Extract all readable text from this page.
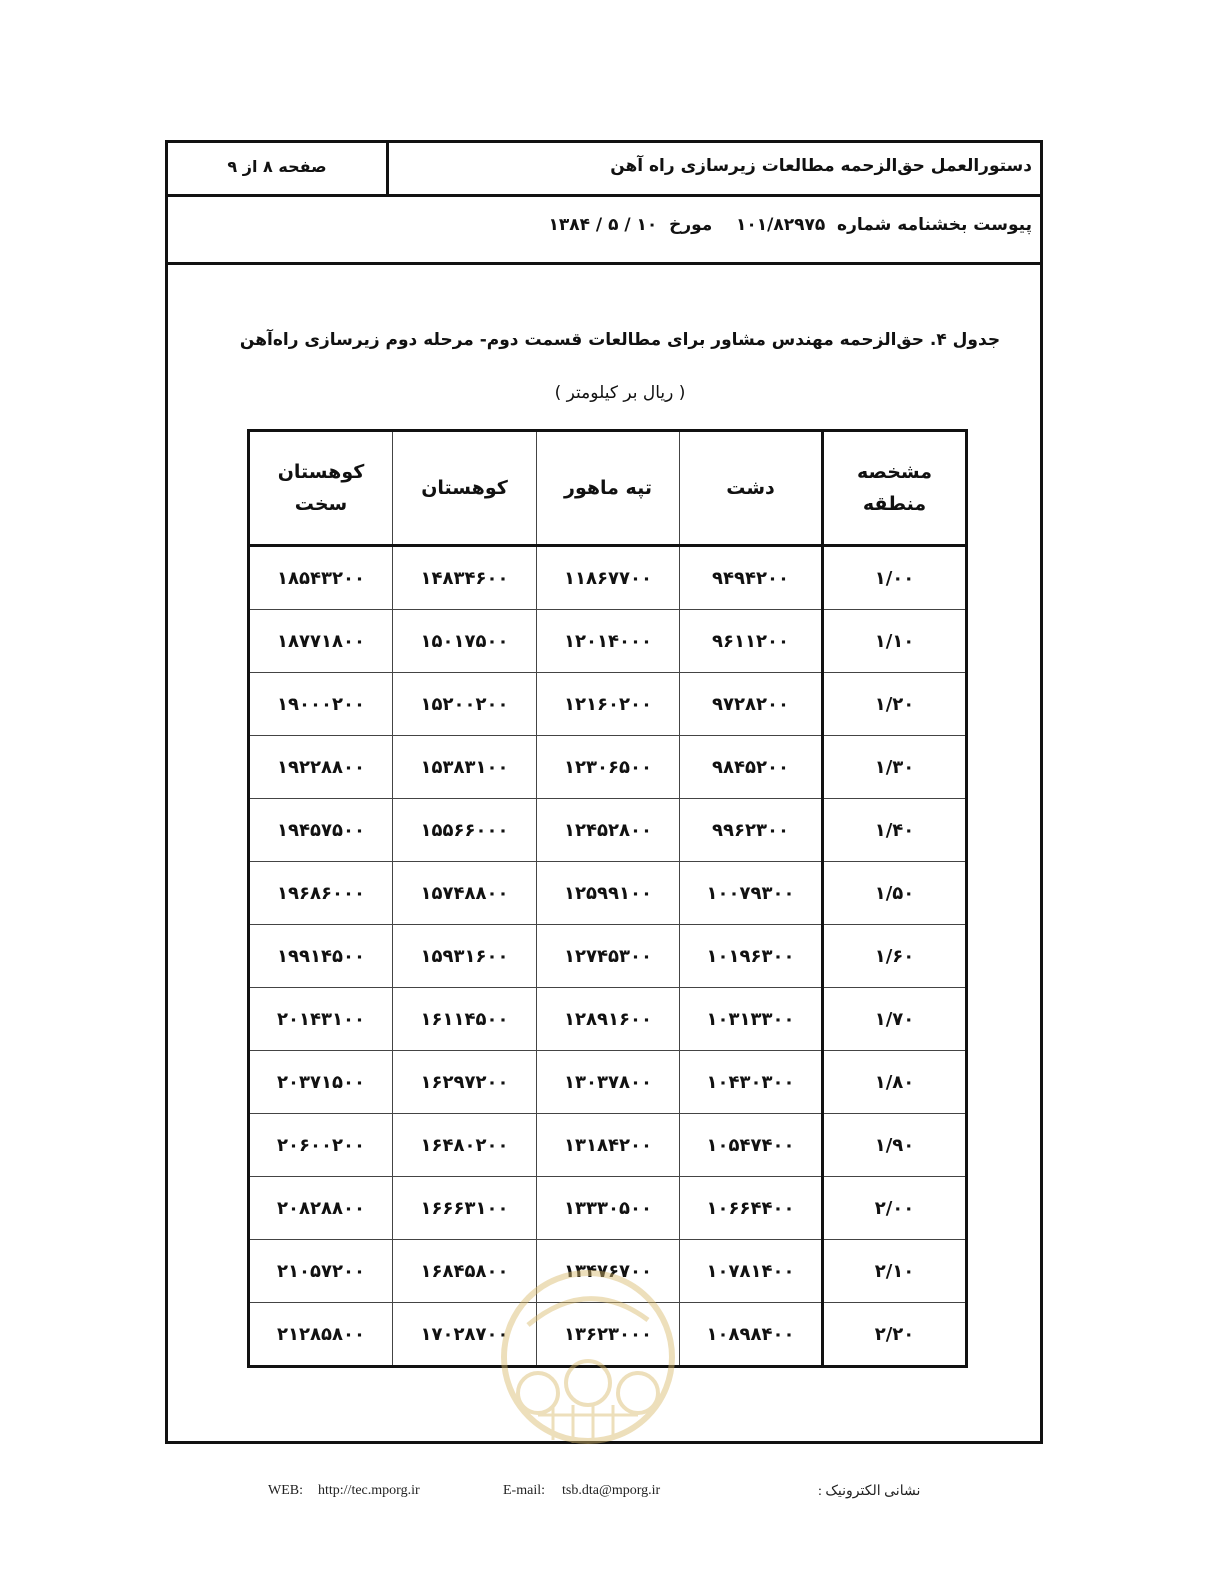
دستورالعمل حق‌الزحمه مطالعات زیرسازی راه آهن
صفحه ۸ از ۹
پیوست بخشنامه شماره  ۱۰۱/۸۲۹۷۵    مورخ  ۱۰ / ۵ / ۱۳۸۴
جدول ۴. حق‌الزحمه مهندس مشاور برای مطالعات قسمت دوم- مرحله دوم زیرسازی راه‌آهن
( ریال بر کیلومتر )
مشخصه منطقه	دشت	تپه ماهور	کوهستان	کوهستان سخت
۱/۰۰	۹۴۹۴۲۰۰	۱۱۸۶۷۷۰۰	۱۴۸۳۴۶۰۰	۱۸۵۴۳۲۰۰
۱/۱۰	۹۶۱۱۲۰۰	۱۲۰۱۴۰۰۰	۱۵۰۱۷۵۰۰	۱۸۷۷۱۸۰۰
۱/۲۰	۹۷۲۸۲۰۰	۱۲۱۶۰۲۰۰	۱۵۲۰۰۲۰۰	۱۹۰۰۰۲۰۰
۱/۳۰	۹۸۴۵۲۰۰	۱۲۳۰۶۵۰۰	۱۵۳۸۳۱۰۰	۱۹۲۲۸۸۰۰
۱/۴۰	۹۹۶۲۳۰۰	۱۲۴۵۲۸۰۰	۱۵۵۶۶۰۰۰	۱۹۴۵۷۵۰۰
۱/۵۰	۱۰۰۷۹۳۰۰	۱۲۵۹۹۱۰۰	۱۵۷۴۸۸۰۰	۱۹۶۸۶۰۰۰
۱/۶۰	۱۰۱۹۶۳۰۰	۱۲۷۴۵۳۰۰	۱۵۹۳۱۶۰۰	۱۹۹۱۴۵۰۰
۱/۷۰	۱۰۳۱۳۳۰۰	۱۲۸۹۱۶۰۰	۱۶۱۱۴۵۰۰	۲۰۱۴۳۱۰۰
۱/۸۰	۱۰۴۳۰۳۰۰	۱۳۰۳۷۸۰۰	۱۶۲۹۷۲۰۰	۲۰۳۷۱۵۰۰
۱/۹۰	۱۰۵۴۷۴۰۰	۱۳۱۸۴۲۰۰	۱۶۴۸۰۲۰۰	۲۰۶۰۰۲۰۰
۲/۰۰	۱۰۶۶۴۴۰۰	۱۳۳۳۰۵۰۰	۱۶۶۶۳۱۰۰	۲۰۸۲۸۸۰۰
۲/۱۰	۱۰۷۸۱۴۰۰	۱۳۴۷۶۷۰۰	۱۶۸۴۵۸۰۰	۲۱۰۵۷۲۰۰
۲/۲۰	۱۰۸۹۸۴۰۰	۱۳۶۲۳۰۰۰	۱۷۰۲۸۷۰۰	۲۱۲۸۵۸۰۰
WEB: http://tec.mporg.ir	E-mail: tsb.dta@mporg.ir	نشانی الکترونیک :
